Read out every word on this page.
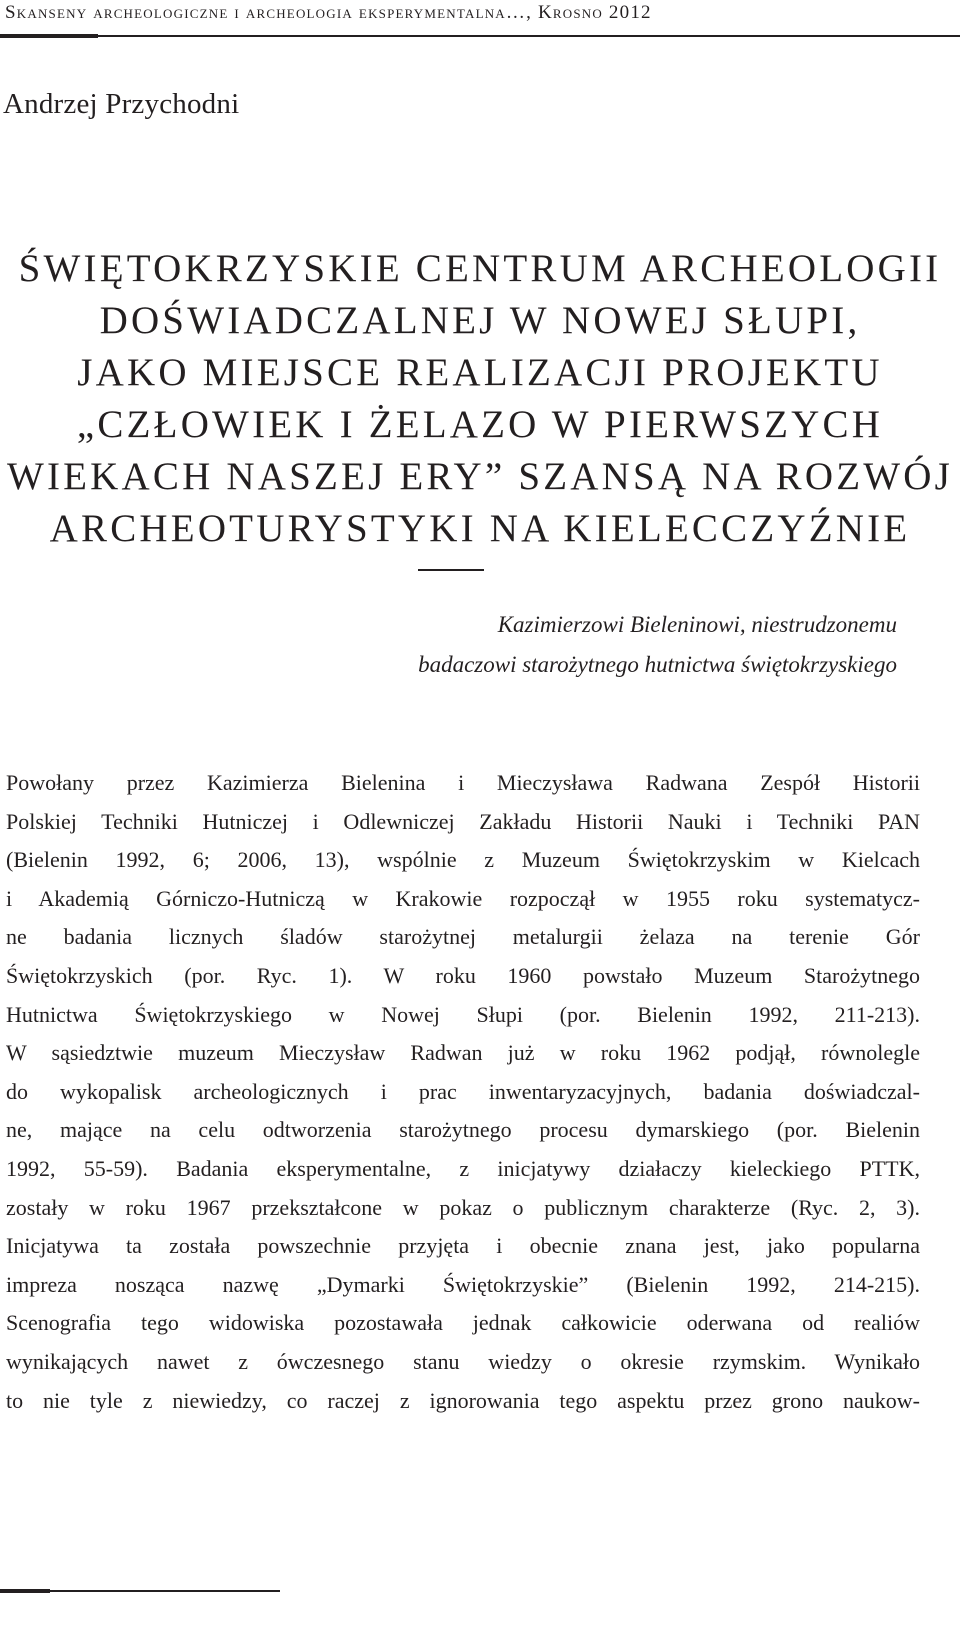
Skanseny archeologiczne i archeologia eksperymentalna…, Krosno 2012
Andrzej Przychodni
ŚWIĘTOKRZYSKIE CENTRUM ARCHEOLOGII
DOŚWIADCZALNEJ W NOWEJ SŁUPI,
JAKO MIEJSCE REALIZACJI PROJEKTU
„CZŁOWIEK I ŻELAZO W PIERWSZYCH
WIEKACH NASZEJ ERY” SZANSĄ NA ROZWÓJ
ARCHEOTURYSTYKI NA KIELECCZYŹNIE
Kazimierzowi Bieleninowi, niestrudzonemu
badaczowi starożytnego hutnictwa świętokrzyskiego
Powołany przez Kazimierza Bielenina i Mieczysława Radwana Zespół Historii
Polskiej Techniki Hutniczej i Odlewniczej Zakładu Historii Nauki i Techniki PAN
(Bielenin 1992, 6; 2006, 13), wspólnie z Muzeum Świętokrzyskim w Kielcach
i Akademią Górniczo-Hutniczą w Krakowie rozpoczął w 1955 roku systematycz-
ne badania licznych śladów starożytnej metalurgii żelaza na terenie Gór
Świętokrzyskich (por. Ryc. 1). W roku 1960 powstało Muzeum Starożytnego
Hutnictwa Świętokrzyskiego w Nowej Słupi (por. Bielenin 1992, 211-213).
W sąsiedztwie muzeum Mieczysław Radwan już w roku 1962 podjął, równolegle
do wykopalisk archeologicznych i prac inwentaryzacyjnych, badania doświadczal-
ne, mające na celu odtworzenia starożytnego procesu dymarskiego (por. Bielenin
1992, 55-59). Badania eksperymentalne, z inicjatywy działaczy kieleckiego PTTK,
zostały w roku 1967 przekształcone w pokaz o publicznym charakterze (Ryc. 2, 3).
Inicjatywa ta została powszechnie przyjęta i obecnie znana jest, jako popularna
impreza nosząca nazwę „Dymarki Świętokrzyskie” (Bielenin 1992, 214-215).
Scenografia tego widowiska pozostawała jednak całkowicie oderwana od realiów
wynikających nawet z ówczesnego stanu wiedzy o okresie rzymskim. Wynikało
to nie tyle z niewiedzy, co raczej z ignorowania tego aspektu przez grono naukow-
